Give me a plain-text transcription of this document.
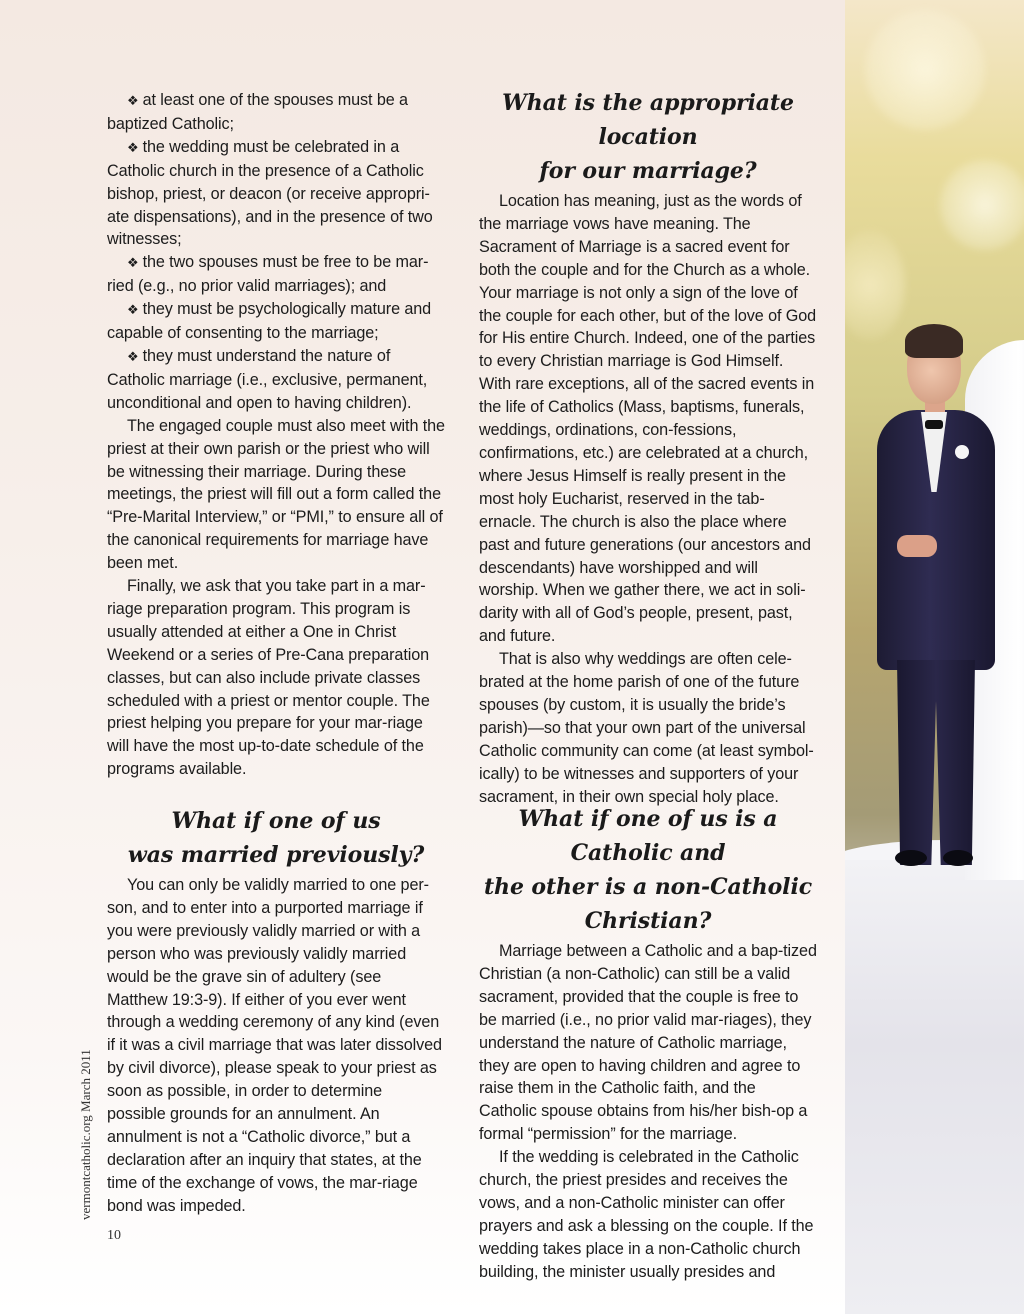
❖ at least one of the spouses must be a baptized Catholic;

❖ the wedding must be celebrated in a Catholic church in the presence of a Catholic bishop, priest, or deacon (or receive appropri-ate dispensations), and in the presence of two witnesses;

❖ the two spouses must be free to be mar-ried (e.g., no prior valid marriages); and

❖ they must be psychologically mature and capable of consenting to the marriage;

❖ they must understand the nature of Catholic marriage (i.e., exclusive, permanent, unconditional and open to having children).

The engaged couple must also meet with the priest at their own parish or the priest who will be witnessing their marriage. During these meetings, the priest will fill out a form called the “Pre-Marital Interview,” or “PMI,” to ensure all of the canonical requirements for marriage have been met.

Finally, we ask that you take part in a mar-riage preparation program. This program is usually attended at either a One in Christ Weekend or a series of Pre-Cana preparation classes, but can also include private classes scheduled with a priest or mentor couple. The priest helping you prepare for your mar-riage will have the most up-to-date schedule of the programs available.

What is the appropriate location
for our marriage?

Location has meaning, just as the words of the marriage vows have meaning. The Sacrament of Marriage is a sacred event for both the couple and for the Church as a whole. Your marriage is not only a sign of the love of the couple for each other, but of the love of God for His entire Church. Indeed, one of the parties to every Christian marriage is God Himself. With rare exceptions, all of the sacred events in the life of Catholics (Mass, baptisms, funerals, weddings, ordinations, con-fessions, confirmations, etc.) are celebrated at a church, where Jesus Himself is really present in the most holy Eucharist, reserved in the tab-ernacle. The church is also the place where past and future generations (our ancestors and descendants) have worshipped and will worship. When we gather there, we act in soli-darity with all of God’s people, present, past, and future.

That is also why weddings are often cele-brated at the home parish of one of the future spouses (by custom, it is usually the bride’s parish)—so that your own part of the universal Catholic community can come (at least symbol-ically) to be witnesses and supporters of your sacrament, in their own special holy place.

What if one of us
was married previously?

You can only be validly married to one per-son, and to enter into a purported marriage if you were previously validly married or with a person who was previously validly married would be the grave sin of adultery (see Matthew 19:3-9). If either of you ever went through a wedding ceremony of any kind (even if it was a civil marriage that was later dissolved by civil divorce), please speak to your priest as soon as possible, in order to determine possible grounds for an annulment. An annulment is not a “Catholic divorce,” but a declaration after an inquiry that states, at the time of the exchange of vows, the mar-riage bond was impeded.

What if one of us is a Catholic and
the other is a non-Catholic Christian?

Marriage between a Catholic and a bap-tized Christian (a non-Catholic) can still be a valid sacrament, provided that the couple is free to be married (i.e., no prior valid mar-riages), they understand the nature of Catholic marriage, they are open to having children and agree to raise them in the Catholic faith, and the Catholic spouse obtains from his/her bish-op a formal “permission” for the marriage.

If the wedding is celebrated in the Catholic church, the priest presides and receives the vows, and a non-Catholic minister can offer prayers and ask a blessing on the couple. If the wedding takes place in a non-Catholic church building, the minister usually presides and

vermontcatholic.org March 2011
10
